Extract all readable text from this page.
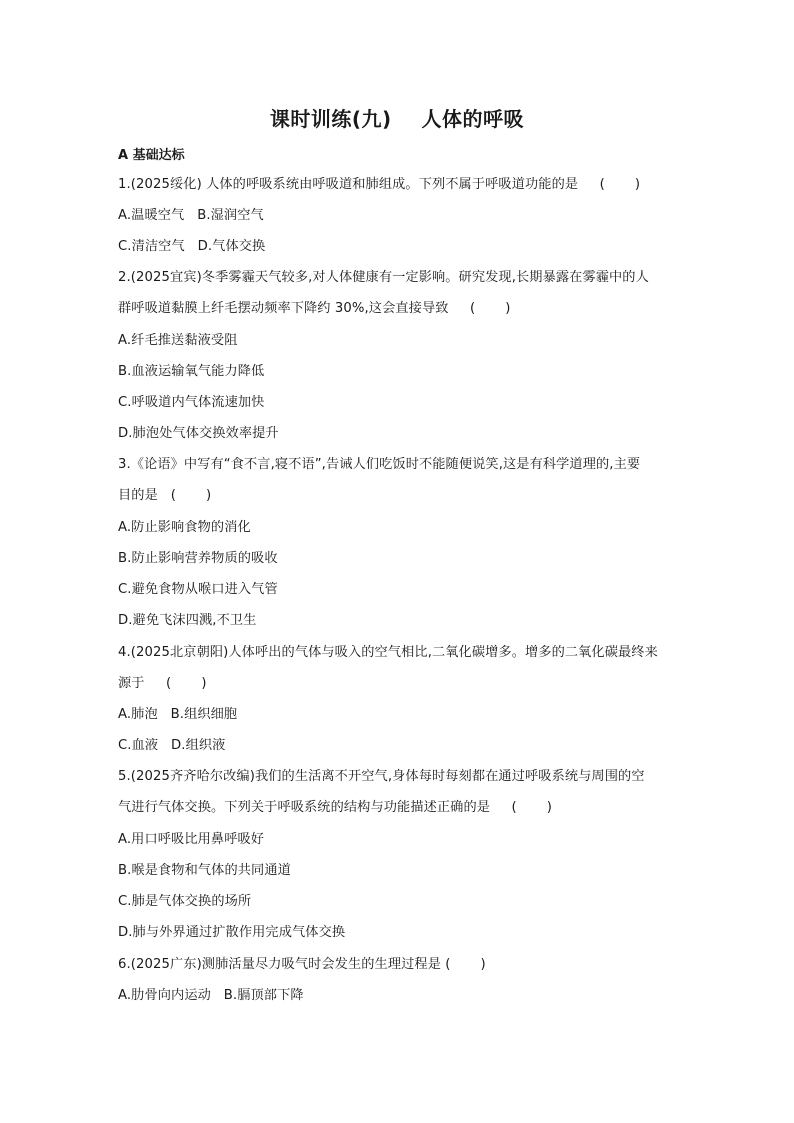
课时训练(九)    人体的呼吸
A 基础达标
1.(2025绥化) 人体的呼吸系统由呼吸道和肺组成。下列不属于呼吸道功能的是     (       )
A.温暖空气   B.湿润空气
C.清洁空气   D.气体交换
2.(2025宜宾)冬季雾霾天气较多,对人体健康有一定影响。研究发现,长期暴露在雾霾中的人
群呼吸道黏膜上纤毛摆动频率下降约 30%,这会直接导致     (       )
A.纤毛推送黏液受阻
B.血液运输氧气能力降低
C.呼吸道内气体流速加快
D.肺泡处气体交换效率提升
3.《论语》中写有“食不言,寝不语”,告诫人们吃饭时不能随便说笑,这是有科学道理的,主要
目的是   (       )
A.防止影响食物的消化
B.防止影响营养物质的吸收
C.避免食物从喉口进入气管
D.避免飞沫四溅,不卫生
4.(2025北京朝阳)人体呼出的气体与吸入的空气相比,二氧化碳增多。增多的二氧化碳最终来
源于     (       )
A.肺泡   B.组织细胞
C.血液   D.组织液
5.(2025齐齐哈尔改编)我们的生活离不开空气,身体每时每刻都在通过呼吸系统与周围的空
气进行气体交换。下列关于呼吸系统的结构与功能描述正确的是     (       )
A.用口呼吸比用鼻呼吸好
B.喉是食物和气体的共同通道
C.肺是气体交换的场所
D.肺与外界通过扩散作用完成气体交换
6.(2025广东)测肺活量尽力吸气时会发生的生理过程是 (       )
A.肋骨向内运动   B.膈顶部下降
